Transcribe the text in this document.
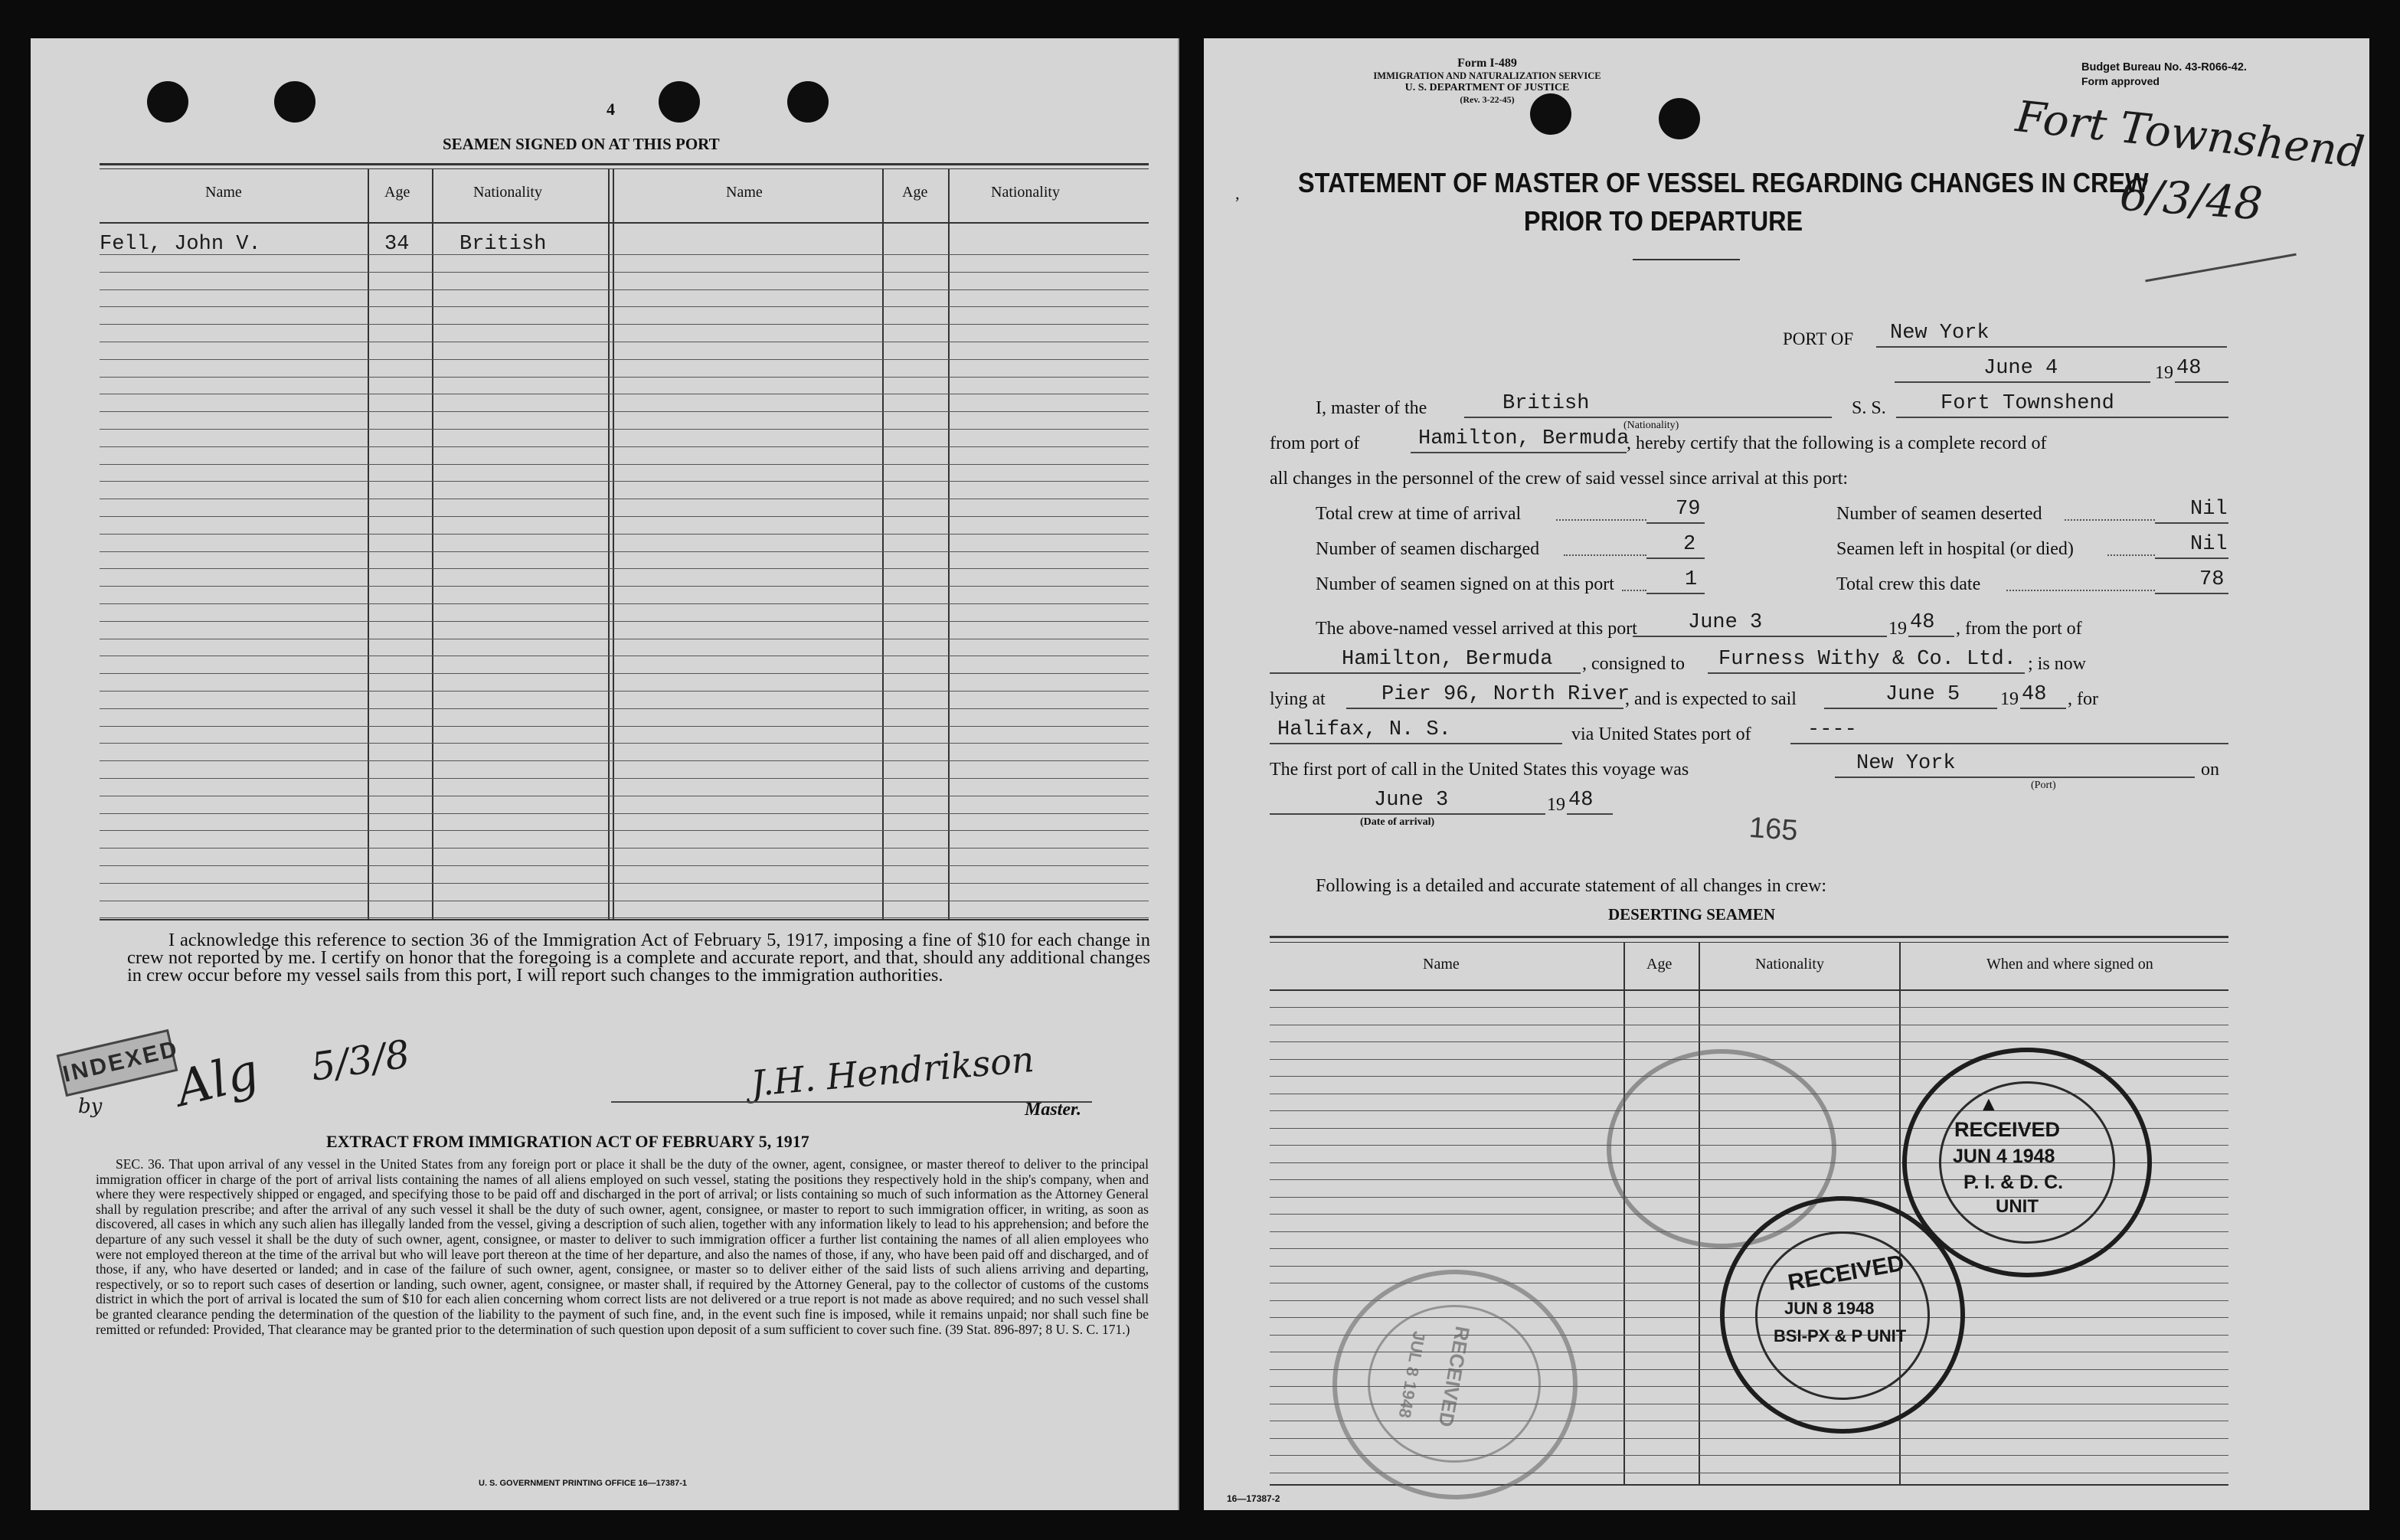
4
SEAMEN SIGNED ON AT THIS PORT
Name	Age	Nationality	Name	Age	Nationality
Fell, John V.	34 British
I acknowledge this reference to section 36 of the Immigration Act of February 5, 1917, imposing a fine of $10 for each change in crew not reported by me. I certify on honor that the foregoing is a complete and accurate report, and that, should any additional changes in crew occur before my vessel sails from this port, I will report such changes to the immigration authorities.
INDEXED
by Alg 5/3/8	J.H. Hendrikson
Master.
EXTRACT FROM IMMIGRATION ACT OF FEBRUARY 5, 1917
SEC. 36. That upon arrival of any vessel in the United States from any foreign port or place it shall be the duty of the owner, agent, consignee, or master thereof to deliver to the principal immigration officer in charge of the port of arrival lists containing the names of all aliens employed on such vessel, stating the positions they respectively hold in the ship's company, when and where they were respectively shipped or engaged, and specifying those to be paid off and discharged in the port of arrival; or lists containing so much of such information as the Attorney General shall by regulation prescribe; and after the arrival of any such vessel it shall be the duty of such owner, agent, consignee, or master to report to such immigration officer, in writing, as soon as discovered, all cases in which any such alien has illegally landed from the vessel, giving a description of such alien, together with any information likely to lead to his apprehension; and before the departure of any such vessel it shall be the duty of such owner, agent, consignee, or master to deliver to such immigration officer a further list containing the names of all alien employees who were not employed thereon at the time of the arrival but who will leave port thereon at the time of her departure, and also the names of those, if any, who have been paid off and discharged, and of those, if any, who have deserted or landed; and in case of the failure of such owner, agent, consignee, or master so to deliver either of the said lists of such aliens arriving and departing, respectively, or so to report such cases of desertion or landing, such owner, agent, consignee, or master shall, if required by the Attorney General, pay to the collector of customs of the customs district in which the port of arrival is located the sum of $10 for each alien concerning whom correct lists are not delivered or a true report is not made as above required; and no such vessel shall be granted clearance pending the determination of the question of the liability to the payment of such fine, and, in the event such fine is imposed, while it remains unpaid; nor shall such fine be remitted or refunded: Provided, That clearance may be granted prior to the determination of such question upon deposit of a sum sufficient to cover such fine. (39 Stat. 896-897; 8 U. S. C. 171.)
U. S. GOVERNMENT PRINTING OFFICE 16—17387-1
Form I-489
IMMIGRATION AND NATURALIZATION SERVICE
U. S. DEPARTMENT OF JUSTICE
(Rev. 3-22-45)
Budget Bureau No. 43-R066-42.
Form approved
Fort Townshend
6/3/48
‚ STATEMENT OF MASTER OF VESSEL REGARDING CHANGES IN CREW
PRIOR TO DEPARTURE
PORT OF New York
June 4	19 48
I, master of the	British
(Nationality)
S. S.	Fort Townshend
from port of	Hamilton, Bermuda
, hereby certify that the following is a complete record of
all changes in the personnel of the crew of said vessel since arrival at this port:
Total crew at time of arrival	79	Number of seamen deserted	Nil
Number of seamen discharged	2	Seamen left in hospital (or died)	Nil
Number of seamen signed on at this port	1	Total crew this date	78
The above-named vessel arrived at this port June 3	19 48 , from the port of
Hamilton, Bermuda , consigned to Furness Withy & Co. Ltd. ; is now
lying at	Pier 96, North River
, and is expected to sail	June 5 19 48 , for
Halifax, N. S.	via United States port of	----
The first port of call in the United States this voyage was	New York	on
(Port)
June 3	19 48
(Date of arrival)	165
Following is a detailed and accurate statement of all changes in crew:
DESERTING SEAMEN
Name	Age	Nationality	When and where signed on
▲
RECEIVED
JUN 4 1948
P. I. & D. C.
UNIT
RECEIVED
JUN 8 1948
BSI-PX & P UNIT
RECEIVED
JUL 8 1948
16—17387-2
